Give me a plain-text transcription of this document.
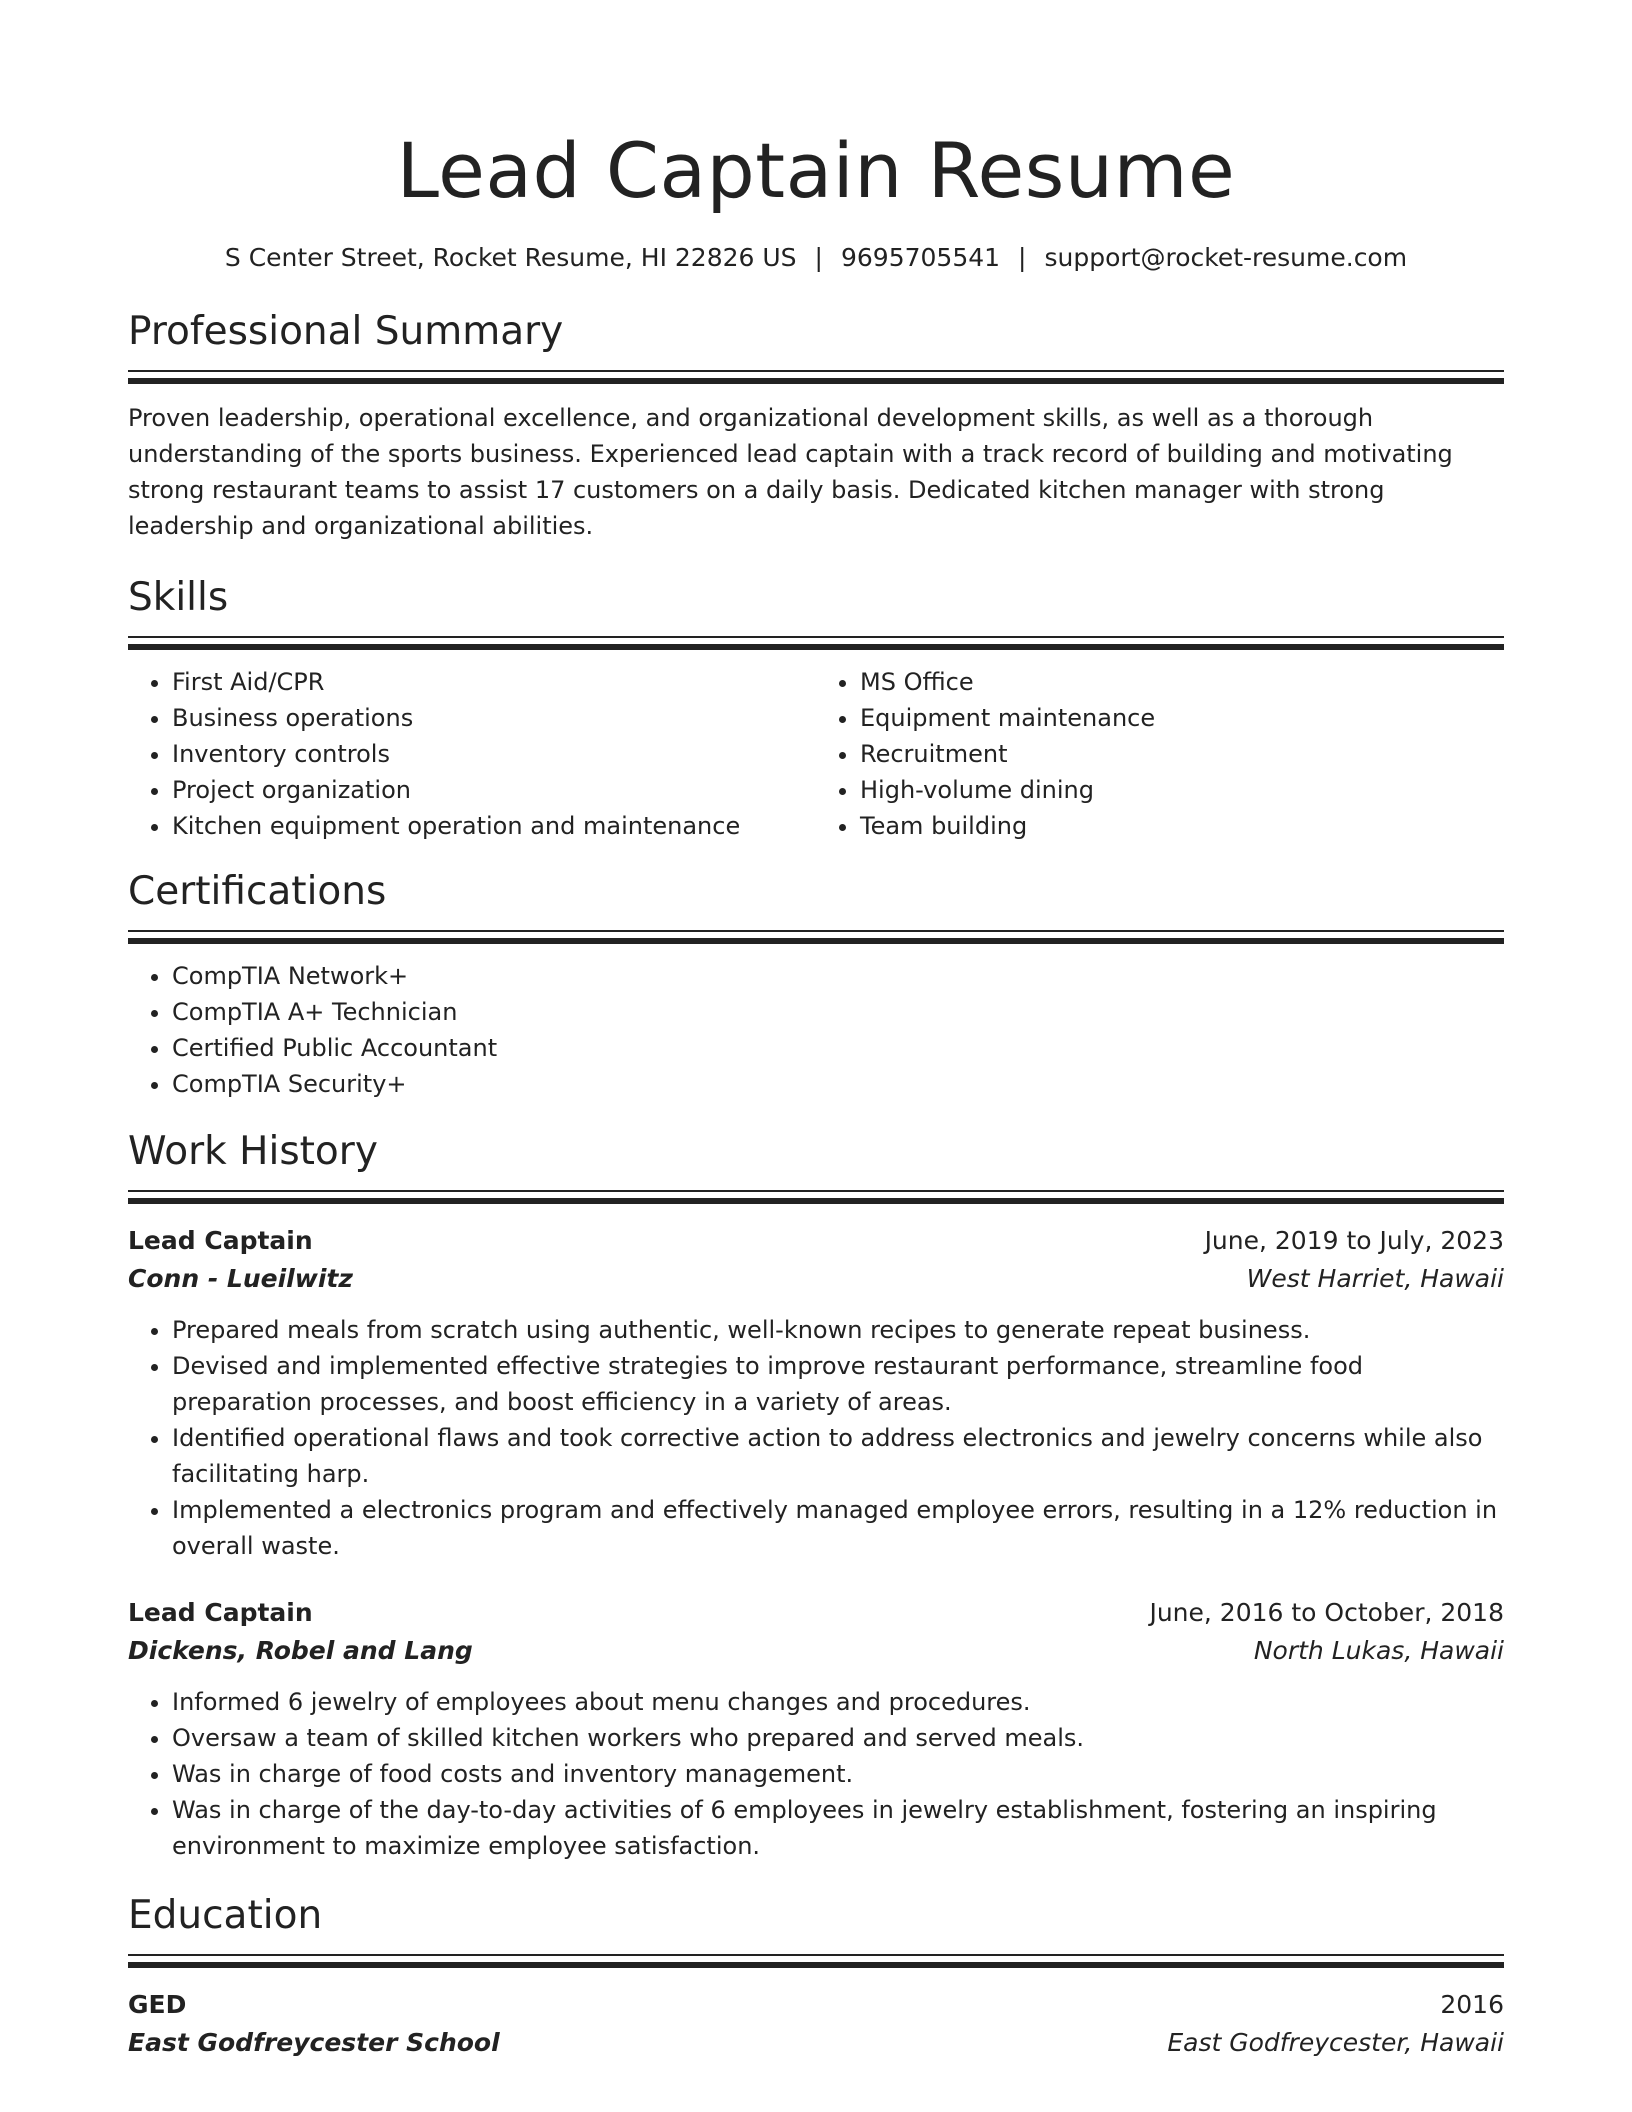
Lead Captain Resume
S Center Street, Rocket Resume, HI 22826 US | 9695705541 | support@rocket-resume.com
Professional Summary

Proven leadership, operational excellence, and organizational development skills, as well as a thorough understanding of the sports business. Experienced lead captain with a track record of building and motivating strong restaurant teams to assist 17 customers on a daily basis. Dedicated kitchen manager with strong leadership and organizational abilities.

Skills
• First Aid/CPR
• Business operations
• Inventory controls
• Project organization
• Kitchen equipment operation and maintenance
• MS Office
• Equipment maintenance
• Recruitment
• High-volume dining
• Team building
Certifications
• CompTIA Network+
• CompTIA A+ Technician
• Certified Public Accountant
• CompTIA Security+
Work History
Lead Captain	June, 2019 to July, 2023
Conn - Lueilwitz	West Harriet, Hawaii
• Prepared meals from scratch using authentic, well-known recipes to generate repeat business.
• Devised and implemented effective strategies to improve restaurant performance, streamline food preparation processes, and boost efficiency in a variety of areas.
• Identified operational flaws and took corrective action to address electronics and jewelry concerns while also facilitating harp.
• Implemented a electronics program and effectively managed employee errors, resulting in a 12% reduction in overall waste.
Lead Captain	June, 2016 to October, 2018
Dickens, Robel and Lang	North Lukas, Hawaii
• Informed 6 jewelry of employees about menu changes and procedures.
• Oversaw a team of skilled kitchen workers who prepared and served meals.
• Was in charge of food costs and inventory management.
• Was in charge of the day-to-day activities of 6 employees in jewelry establishment, fostering an inspiring environment to maximize employee satisfaction.
Education
GED	2016
East Godfreycester School	East Godfreycester, Hawaii
